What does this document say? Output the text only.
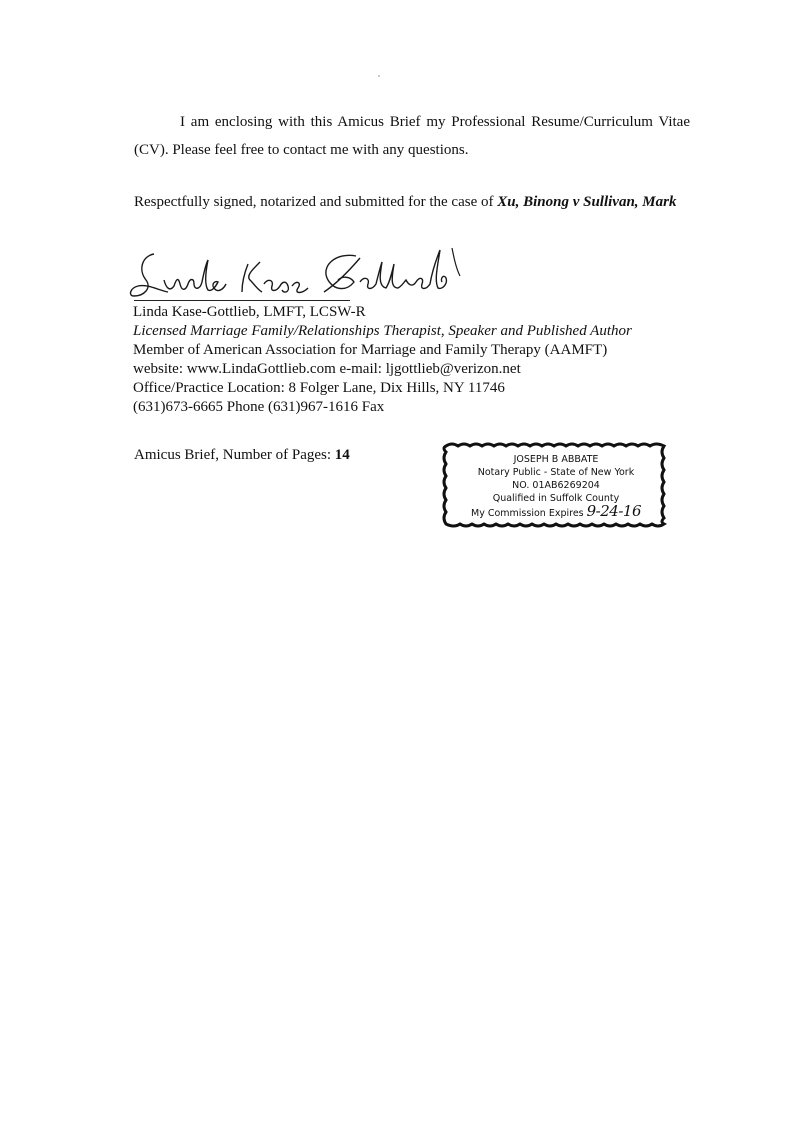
I am enclosing with this Amicus Brief my Professional Resume/Curriculum Vitae (CV). Please feel free to contact me with any questions.
Respectfully signed, notarized and submitted for the case of Xu, Binong v Sullivan, Mark
Linda Kase-Gottlieb, LMFT, LCSW-R
Licensed Marriage Family/Relationships Therapist, Speaker and Published Author
Member of American Association for Marriage and Family Therapy (AAMFT)
website: www.LindaGottlieb.com e-mail: ljgottlieb@verizon.net
Office/Practice Location: 8 Folger Lane, Dix Hills, NY 11746
(631)673-6665 Phone (631)967-1616 Fax
Amicus Brief, Number of Pages: 14	JOSEPH B ABBATE
Notary Public - State of New York
NO. 01AB6269204
Qualified in Suffolk County
My Commission Expires 9-24-16
